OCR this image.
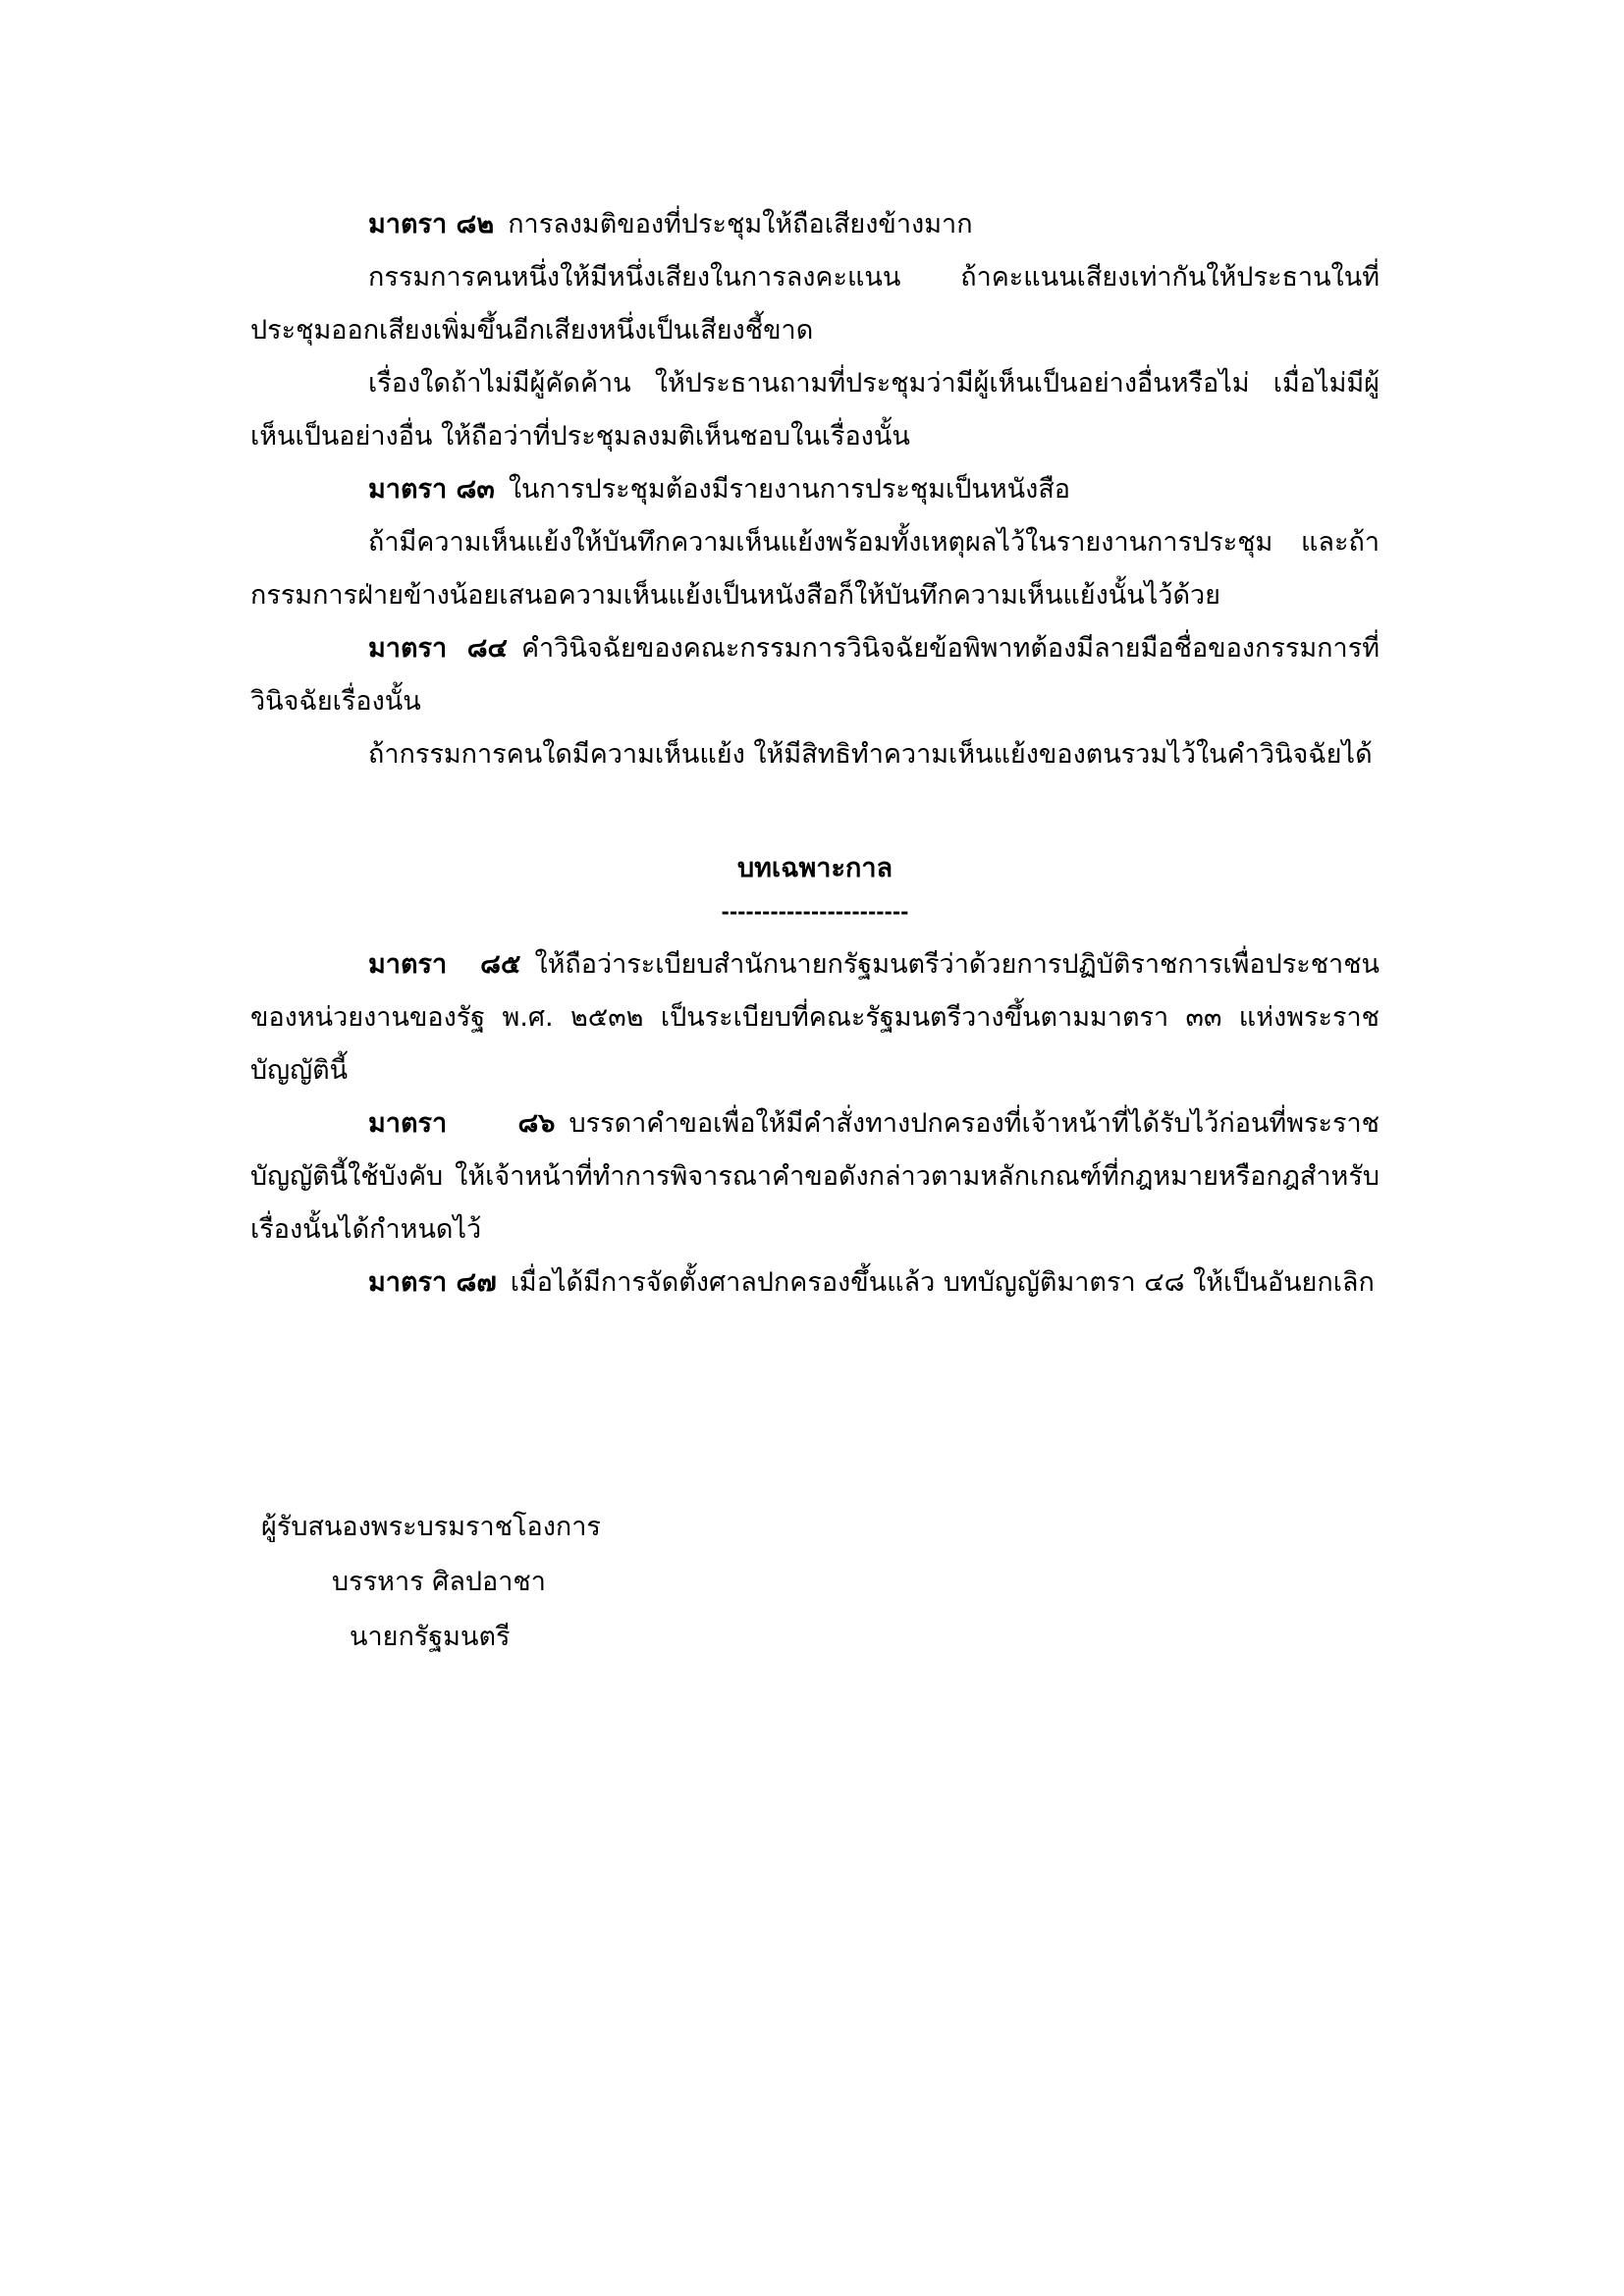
มาตรา ๘๒ การลงมติของที่ประชุมให้ถือเสียงข้างมาก

กรรมการคนหนึ่งให้มีหนึ่งเสียงในการลงคะแนน ถ้าคะแนนเสียงเท่ากันให้ประธานในที่ประชุมออกเสียงเพิ่มขึ้นอีกเสียงหนึ่งเป็นเสียงชี้ขาด

เรื่องใดถ้าไม่มีผู้คัดค้าน ให้ประธานถามที่ประชุมว่ามีผู้เห็นเป็นอย่างอื่นหรือไม่ เมื่อไม่มีผู้เห็นเป็นอย่างอื่น ให้ถือว่าที่ประชุมลงมติเห็นชอบในเรื่องนั้น

มาตรา ๘๓ ในการประชุมต้องมีรายงานการประชุมเป็นหนังสือ

ถ้ามีความเห็นแย้งให้บันทึกความเห็นแย้งพร้อมทั้งเหตุผลไว้ในรายงานการประชุม และถ้ากรรมการฝ่ายข้างน้อยเสนอความเห็นแย้งเป็นหนังสือก็ให้บันทึกความเห็นแย้งนั้นไว้ด้วย

มาตรา ๘๔ คำวินิจฉัยของคณะกรรมการวินิจฉัยข้อพิพาทต้องมีลายมือชื่อของกรรมการที่วินิจฉัยเรื่องนั้น

ถ้ากรรมการคนใดมีความเห็นแย้ง ให้มีสิทธิทำความเห็นแย้งของตนรวมไว้ในคำวินิจฉัยได้

บทเฉพาะกาล
-----------------------

มาตรา ๘๕ ให้ถือว่าระเบียบสำนักนายกรัฐมนตรีว่าด้วยการปฏิบัติราชการเพื่อประชาชนของหน่วยงานของรัฐ พ.ศ. ๒๕๓๒ เป็นระเบียบที่คณะรัฐมนตรีวางขึ้นตามมาตรา ๓๓ แห่งพระราชบัญญัตินี้

มาตรา ๘๖ บรรดาคำขอเพื่อให้มีคำสั่งทางปกครองที่เจ้าหน้าที่ได้รับไว้ก่อนที่พระราชบัญญัตินี้ใช้บังคับ ให้เจ้าหน้าที่ทำการพิจารณาคำขอดังกล่าวตามหลักเกณฑ์ที่กฎหมายหรือกฎสำหรับเรื่องนั้นได้กำหนดไว้

มาตรา ๘๗ เมื่อได้มีการจัดตั้งศาลปกครองขึ้นแล้ว บทบัญญัติมาตรา ๔๘ ให้เป็นอันยกเลิก

ผู้รับสนองพระบรมราชโองการ
บรรหาร ศิลปอาชา
นายกรัฐมนตรี
